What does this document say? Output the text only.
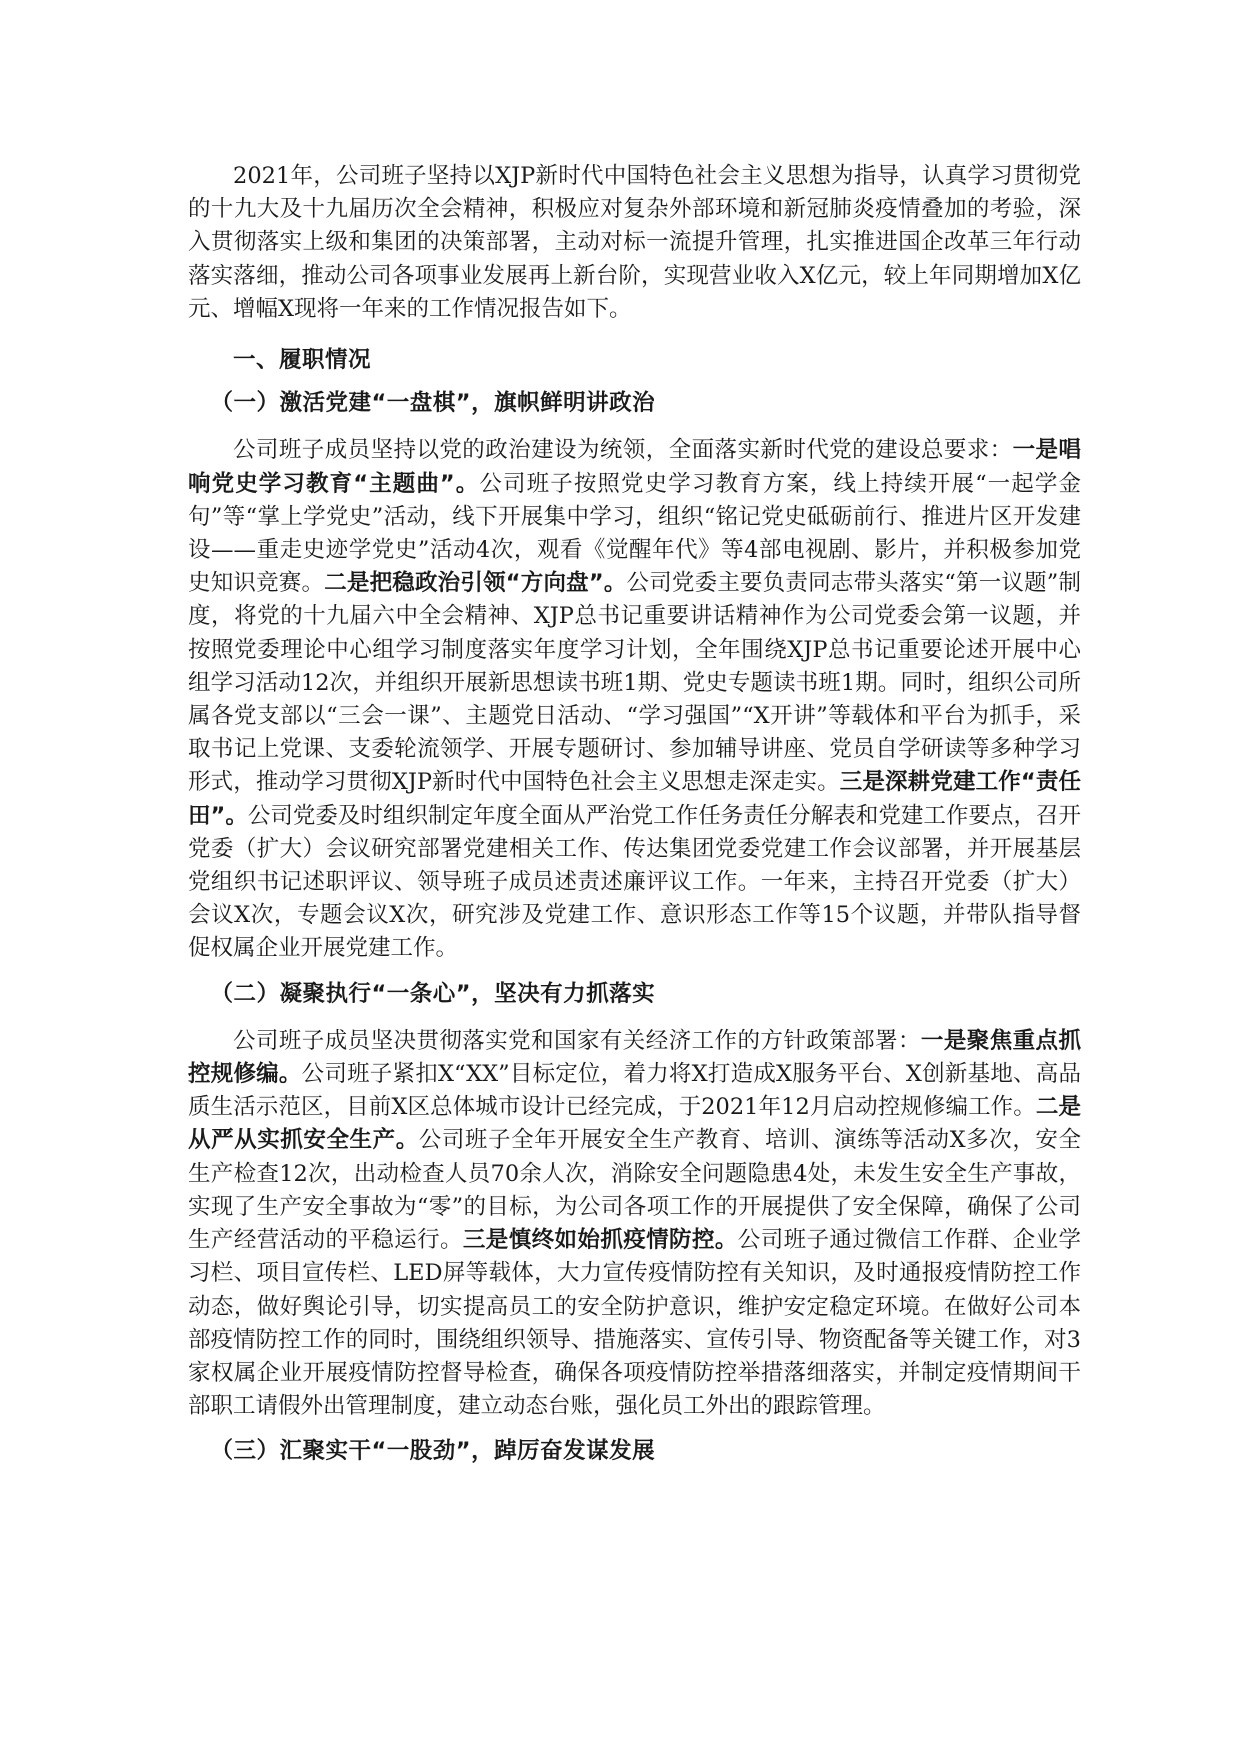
2021年，公司班子坚持以XJP新时代中国特色社会主义思想为指导，认真学习贯彻党的十九大及十九届历次全会精神，积极应对复杂外部环境和新冠肺炎疫情叠加的考验，深入贯彻落实上级和集团的决策部署，主动对标一流提升管理，扎实推进国企改革三年行动落实落细，推动公司各项事业发展再上新台阶，实现营业收入X亿元，较上年同期增加X亿元、增幅X现将一年来的工作情况报告如下。

一、履职情况

（一）激活党建“一盘棋”，旗帜鲜明讲政治

公司班子成员坚持以党的政治建设为统领，全面落实新时代党的建设总要求：一是唱响党史学习教育“主题曲”。公司班子按照党史学习教育方案，线上持续开展“一起学金句”等“掌上学党史”活动，线下开展集中学习，组织“铭记党史砥砺前行、推进片区开发建设——重走史迹学党史”活动4次，观看《觉醒年代》等4部电视剧、影片，并积极参加党史知识竞赛。二是把稳政治引领“方向盘”。公司党委主要负责同志带头落实“第一议题”制度，将党的十九届六中全会精神、XJP总书记重要讲话精神作为公司党委会第一议题，并按照党委理论中心组学习制度落实年度学习计划，全年围绕XJP总书记重要论述开展中心组学习活动12次，并组织开展新思想读书班1期、党史专题读书班1期。同时，组织公司所属各党支部以“三会一课”、主题党日活动、“学习强国”“X开讲”等载体和平台为抓手，采取书记上党课、支委轮流领学、开展专题研讨、参加辅导讲座、党员自学研读等多种学习形式，推动学习贯彻XJP新时代中国特色社会主义思想走深走实。三是深耕党建工作“责任田”。公司党委及时组织制定年度全面从严治党工作任务责任分解表和党建工作要点，召开党委（扩大）会议研究部署党建相关工作、传达集团党委党建工作会议部署，并开展基层党组织书记述职评议、领导班子成员述责述廉评议工作。一年来，主持召开党委（扩大）会议X次，专题会议X次，研究涉及党建工作、意识形态工作等15个议题，并带队指导督促权属企业开展党建工作。

（二）凝聚执行“一条心”，坚决有力抓落实

公司班子成员坚决贯彻落实党和国家有关经济工作的方针政策部署：一是聚焦重点抓控规修编。公司班子紧扣X“XX”目标定位，着力将X打造成X服务平台、X创新基地、高品质生活示范区，目前X区总体城市设计已经完成，于2021年12月启动控规修编工作。二是从严从实抓安全生产。公司班子全年开展安全生产教育、培训、演练等活动X多次，安全生产检查12次，出动检查人员70余人次，消除安全问题隐患4处，未发生安全生产事故，实现了生产安全事故为“零”的目标，为公司各项工作的开展提供了安全保障，确保了公司生产经营活动的平稳运行。三是慎终如始抓疫情防控。公司班子通过微信工作群、企业学习栏、项目宣传栏、LED屏等载体，大力宣传疫情防控有关知识，及时通报疫情防控工作动态，做好舆论引导，切实提高员工的安全防护意识，维护安定稳定环境。在做好公司本部疫情防控工作的同时，围绕组织领导、措施落实、宣传引导、物资配备等关键工作，对3家权属企业开展疫情防控督导检查，确保各项疫情防控举措落细落实，并制定疫情期间干部职工请假外出管理制度，建立动态台账，强化员工外出的跟踪管理。

（三）汇聚实干“一股劲”，踔厉奋发谋发展
